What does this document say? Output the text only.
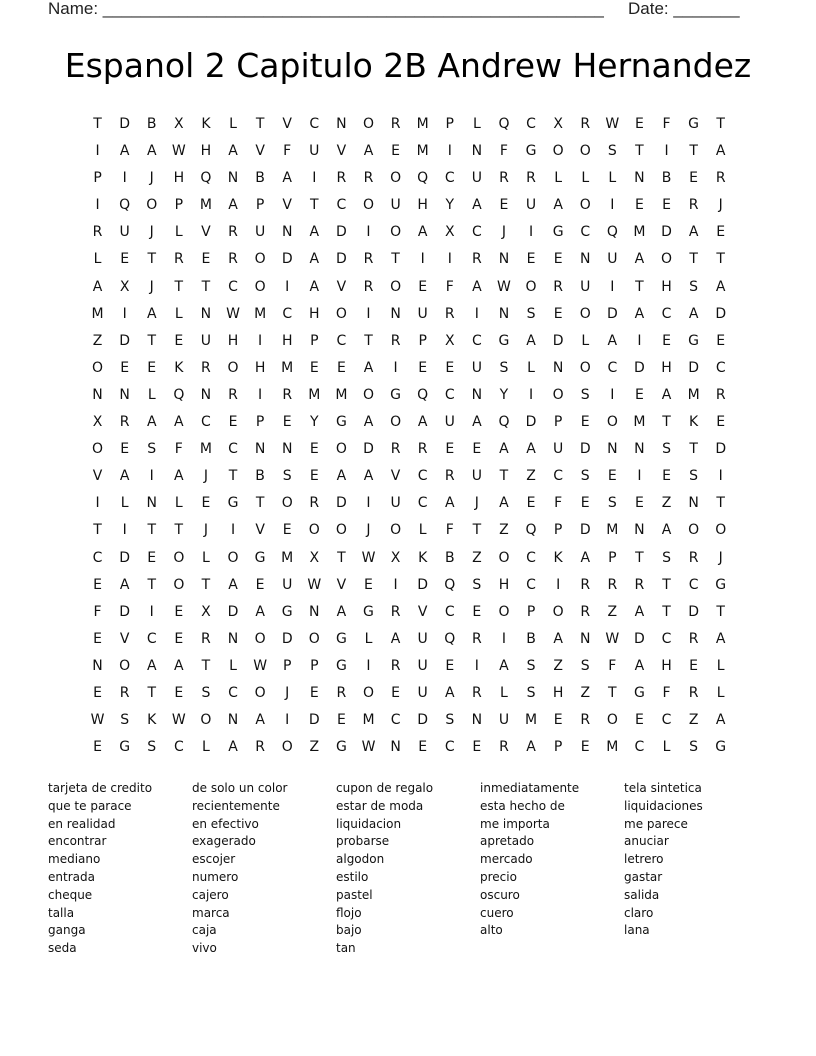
Name: _____________________________________________________ Date: _______
Espanol 2 Capitulo 2B Andrew Hernandez
T D B X K L T V C N O R M P L Q C X R W E F G T
I A A W H A V F U V A E M I N F G O O S T I T A
P I J H Q N B A I R R O Q C U R R L L L N B E R
I Q O P M A P V T C O U H Y A E U A O I E E R J
R U J L V R U N A D I O A X C J I G C Q M D A E
L E T R E R O D A D R T I I R N E E N U A O T T
A X J T T C O I A V R O E F A W O R U I T H S A
M I A L N W M C H O I N U R I N S E O D A C A D
Z D T E U H I H P C T R P X C G A D L A I E G E
O E E K R O H M E E A I E E U S L N O C D H D C
N N L Q N R I R M M O G Q C N Y I O S I E A M R
X R A A C E P E Y G A O A U A Q D P E O M T K E
O E S F M C N N E O D R R E E A A U D N N S T D
V A I A J T B S E A A V C R U T Z C S E I E S I
I L N L E G T O R D I U C A J A E F E S E Z N T
T I T T J I V E O O J O L F T Z Q P D M N A O O
C D E O L O G M X T W X K B Z O C K A P T S R J
E A T O T A E U W V E I D Q S H C I R R R T C G
F D I E X D A G N A G R V C E O P O R Z A T D T
E V C E R N O D O G L A U Q R I B A N W D C R A
N O A A T L W P P G I R U E I A S Z S F A H E L
E R T E S C O J E R O E U A R L S H Z T G F R L
W S K W O N A I D E M C D S N U M E R O E C Z A
E G S C L A R O Z G W N E C E R A P E M C L S G
tarjeta de credito
que te parace
en realidad
encontrar
mediano
entrada
cheque
talla
ganga
seda
de solo un color
recientemente
en efectivo
exagerado
escojer
numero
cajero
marca
caja
vivo
cupon de regalo
estar de moda
liquidacion
probarse
algodon
estilo
pastel
flojo
bajo
tan
inmediatamente
esta hecho de
me importa
apretado
mercado
precio
oscuro
cuero
alto
tela sintetica
liquidaciones
me parece
anuciar
letrero
gastar
salida
claro
lana
